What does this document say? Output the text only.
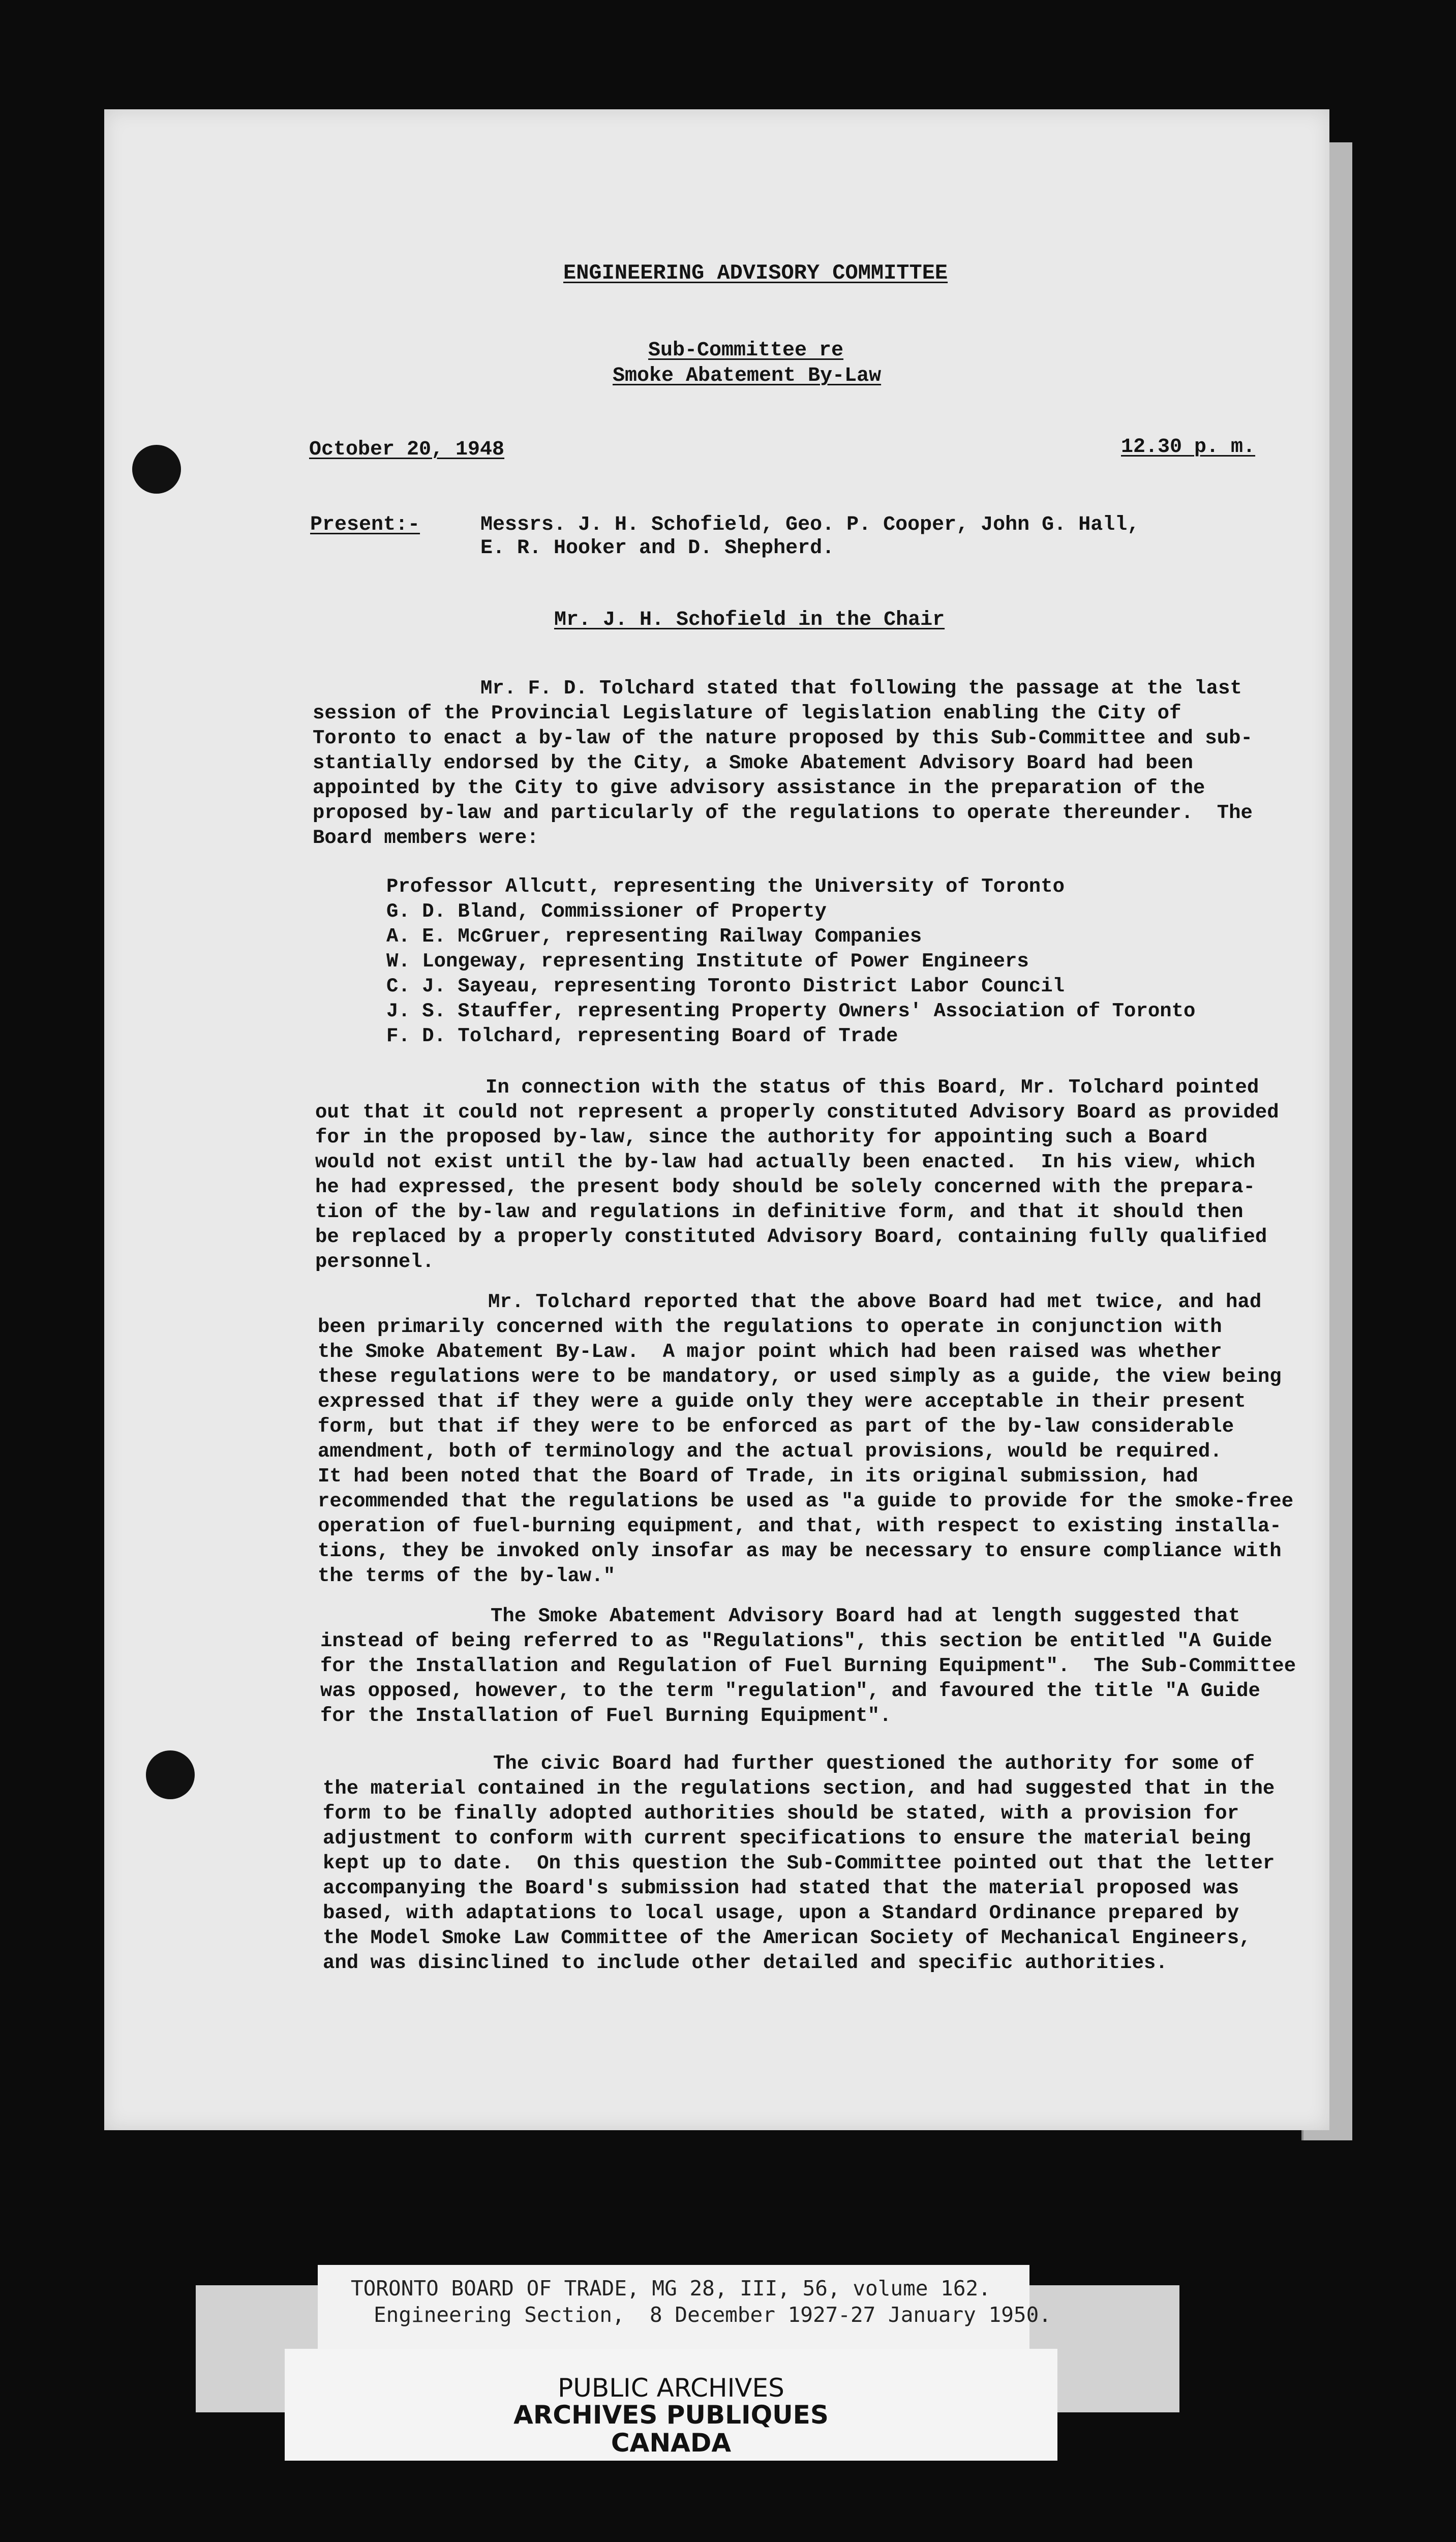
ENGINEERING ADVISORY COMMITTEE
Sub-Committee re
Smoke Abatement By-Law
October 20, 1948	12.30 p. m.
Present:-	Messrs. J. H. Schofield, Geo. P. Cooper, John G. Hall,
E. R. Hooker and D. Shepherd.
Mr. J. H. Schofield in the Chair
Mr. F. D. Tolchard stated that following the passage at the last
session of the Provincial Legislature of legislation enabling the City of
Toronto to enact a by-law of the nature proposed by this Sub-Committee and sub-
stantially endorsed by the City, a Smoke Abatement Advisory Board had been
appointed by the City to give advisory assistance in the preparation of the
proposed by-law and particularly of the regulations to operate thereunder.  The
Board members were:
Professor Allcutt, representing the University of Toronto
G. D. Bland, Commissioner of Property
A. E. McGruer, representing Railway Companies
W. Longeway, representing Institute of Power Engineers
C. J. Sayeau, representing Toronto District Labor Council
J. S. Stauffer, representing Property Owners' Association of Toronto
F. D. Tolchard, representing Board of Trade
In connection with the status of this Board, Mr. Tolchard pointed
out that it could not represent a properly constituted Advisory Board as provided
for in the proposed by-law, since the authority for appointing such a Board
would not exist until the by-law had actually been enacted.  In his view, which
he had expressed, the present body should be solely concerned with the prepara-
tion of the by-law and regulations in definitive form, and that it should then
be replaced by a properly constituted Advisory Board, containing fully qualified
personnel.
Mr. Tolchard reported that the above Board had met twice, and had
been primarily concerned with the regulations to operate in conjunction with
the Smoke Abatement By-Law.  A major point which had been raised was whether
these regulations were to be mandatory, or used simply as a guide, the view being
expressed that if they were a guide only they were acceptable in their present
form, but that if they were to be enforced as part of the by-law considerable
amendment, both of terminology and the actual provisions, would be required.
It had been noted that the Board of Trade, in its original submission, had
recommended that the regulations be used as "a guide to provide for the smoke-free
operation of fuel-burning equipment, and that, with respect to existing installa-
tions, they be invoked only insofar as may be necessary to ensure compliance with
the terms of the by-law."
The Smoke Abatement Advisory Board had at length suggested that
instead of being referred to as "Regulations", this section be entitled "A Guide
for the Installation and Regulation of Fuel Burning Equipment".  The Sub-Committee
was opposed, however, to the term "regulation", and favoured the title "A Guide
for the Installation of Fuel Burning Equipment".
The civic Board had further questioned the authority for some of
the material contained in the regulations section, and had suggested that in the
form to be finally adopted authorities should be stated, with a provision for
adjustment to conform with current specifications to ensure the material being
kept up to date.  On this question the Sub-Committee pointed out that the letter
accompanying the Board's submission had stated that the material proposed was
based, with adaptations to local usage, upon a Standard Ordinance prepared by
the Model Smoke Law Committee of the American Society of Mechanical Engineers,
and was disinclined to include other detailed and specific authorities.
TORONTO BOARD OF TRADE, MG 28, III, 56, volume 162.
Engineering Section,  8 December 1927-27 January 1950.
PUBLIC ARCHIVES
ARCHIVES PUBLIQUES
CANADA
